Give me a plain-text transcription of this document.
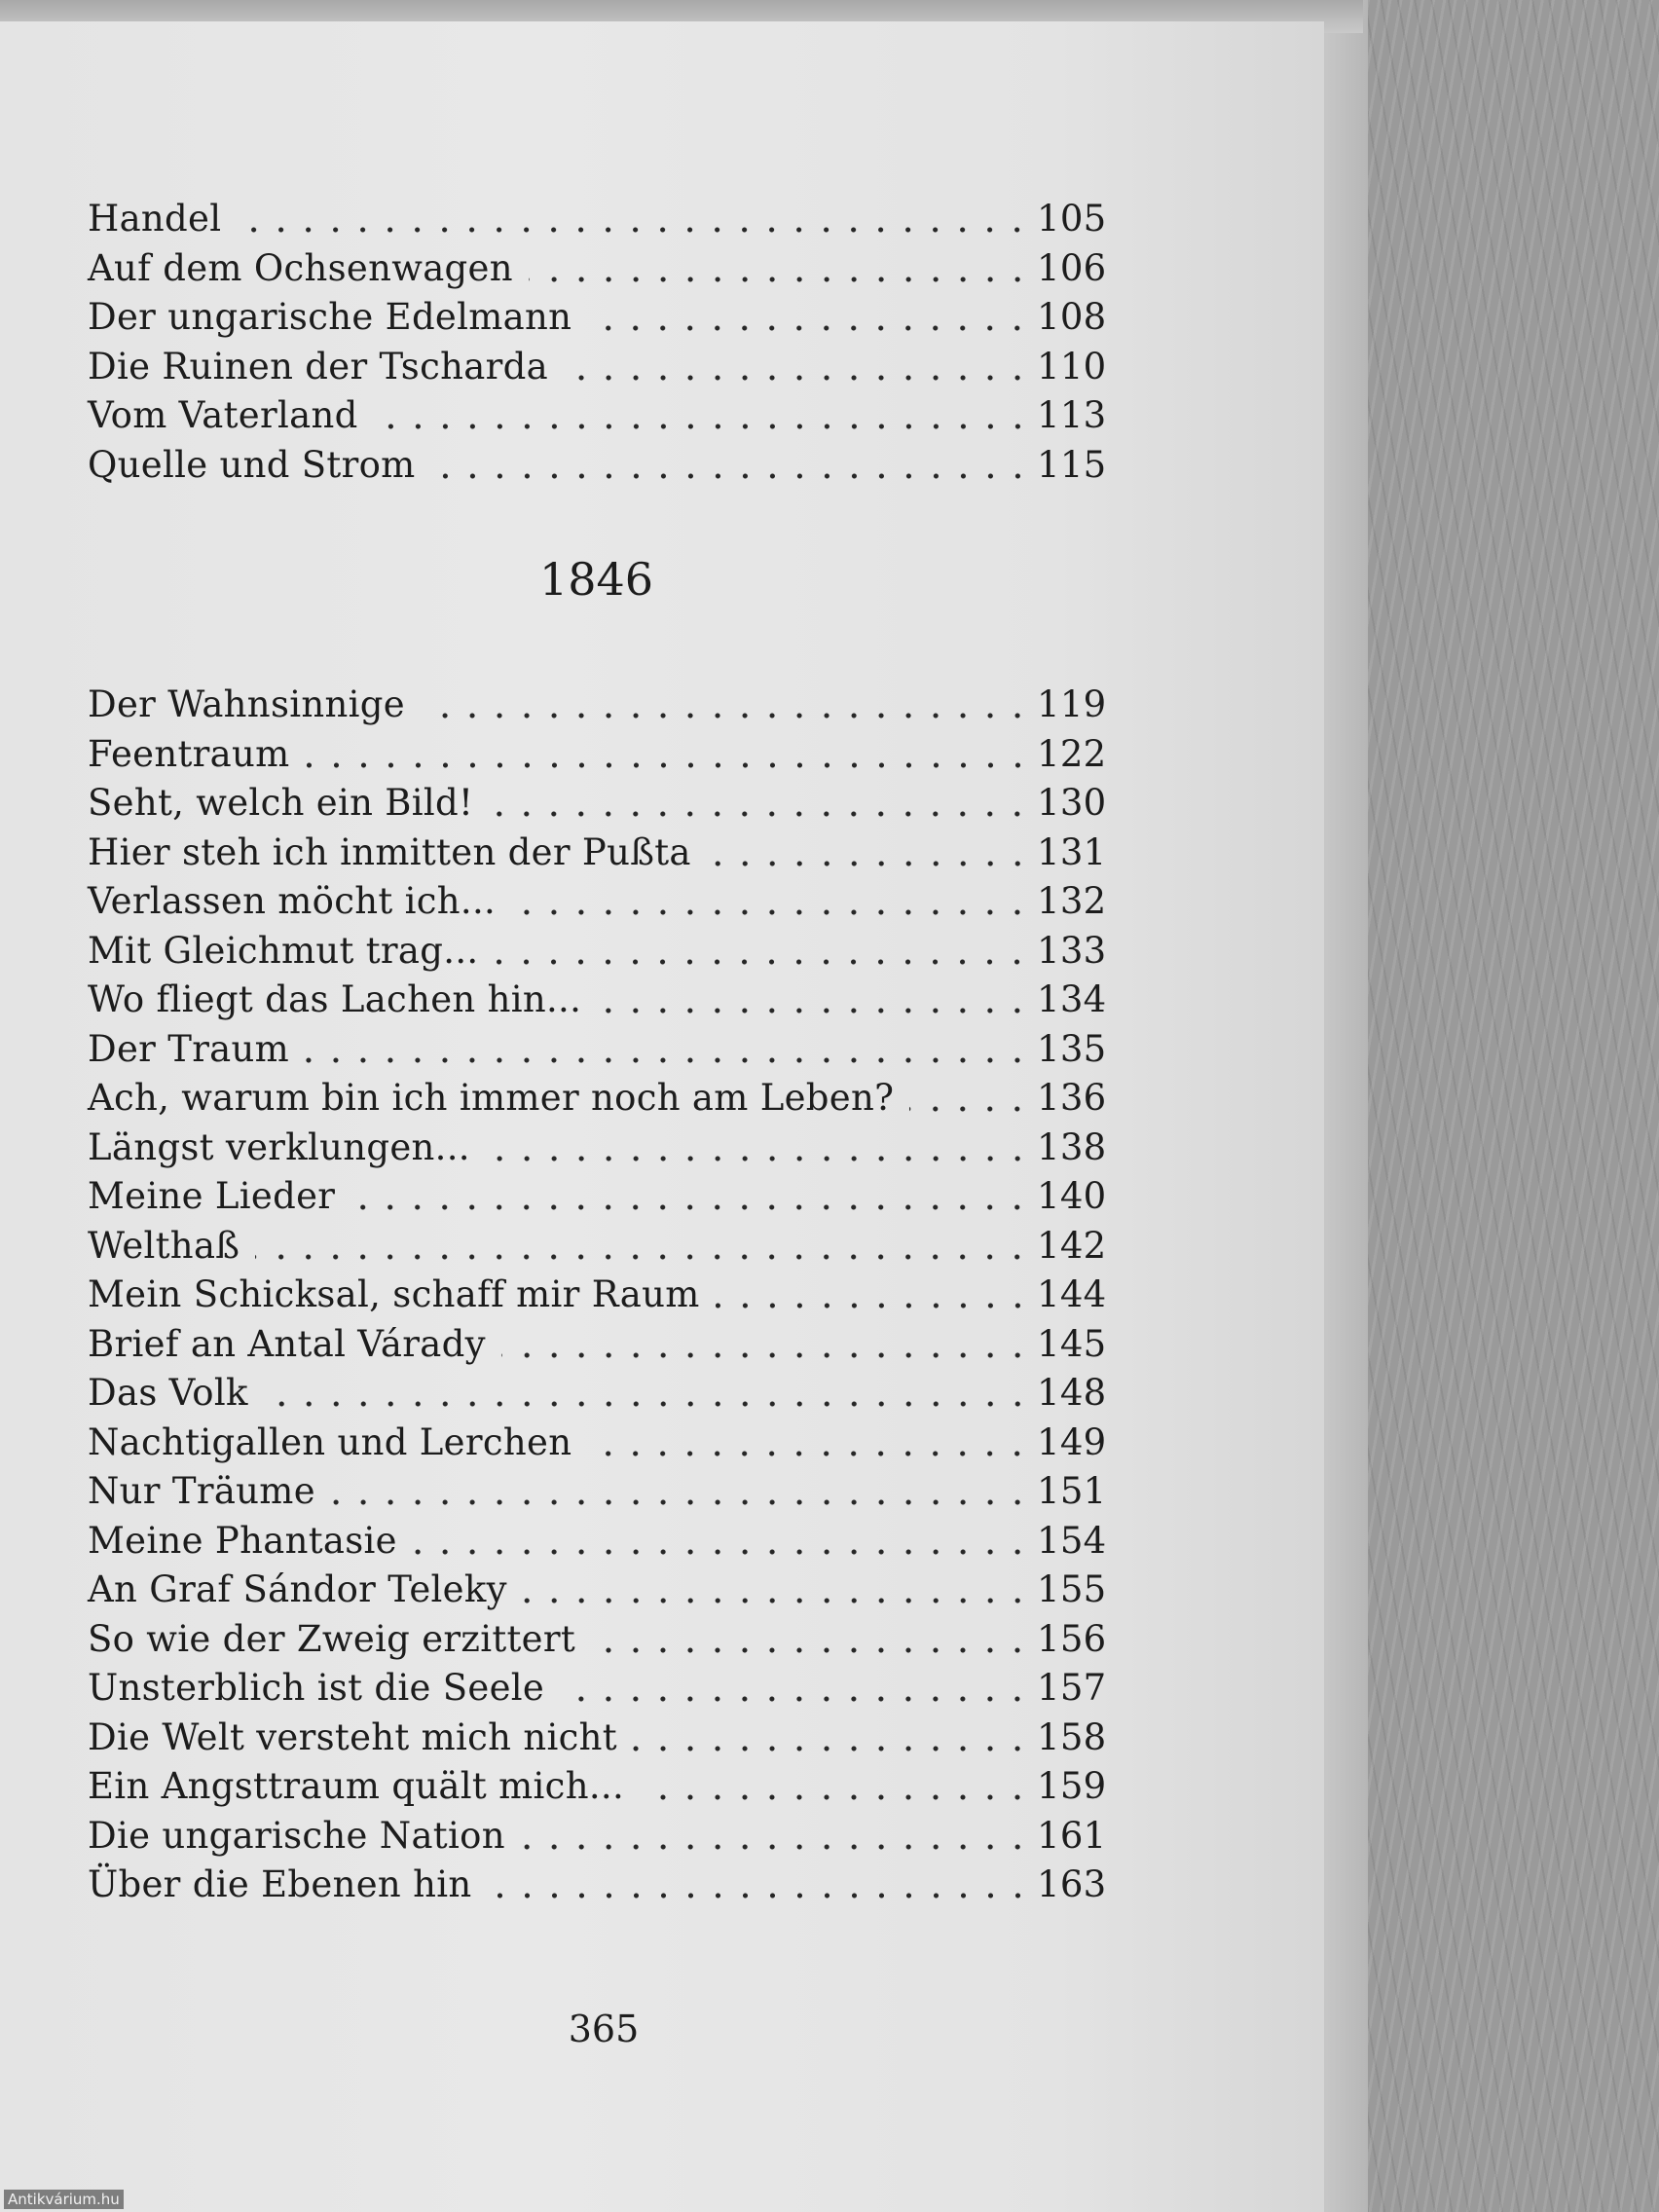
Handel	105
Auf dem Ochsenwagen	106
Der ungarische Edelmann	108
Die Ruinen der Tscharda	110
Vom Vaterland	113
Quelle und Strom	115
1846
Der Wahnsinnige	119
Feentraum	122
Seht, welch ein Bild!	130
Hier steh ich inmitten der Pußta	131
Verlassen möcht ich...	132
Mit Gleichmut trag...	133
Wo fliegt das Lachen hin...	134
Der Traum	135
Ach, warum bin ich immer noch am Leben?	136
Längst verklungen...	138
Meine Lieder	140
Welthaß	142
Mein Schicksal, schaff mir Raum	144
Brief an Antal Várady	145
Das Volk	148
Nachtigallen und Lerchen	149
Nur Träume	151
Meine Phantasie	154
An Graf Sándor Teleky	155
So wie der Zweig erzittert	156
Unsterblich ist die Seele	157
Die Welt versteht mich nicht	158
Ein Angsttraum quält mich...	159
Die ungarische Nation	161
Über die Ebenen hin	163
365
Antikvárium.hu
